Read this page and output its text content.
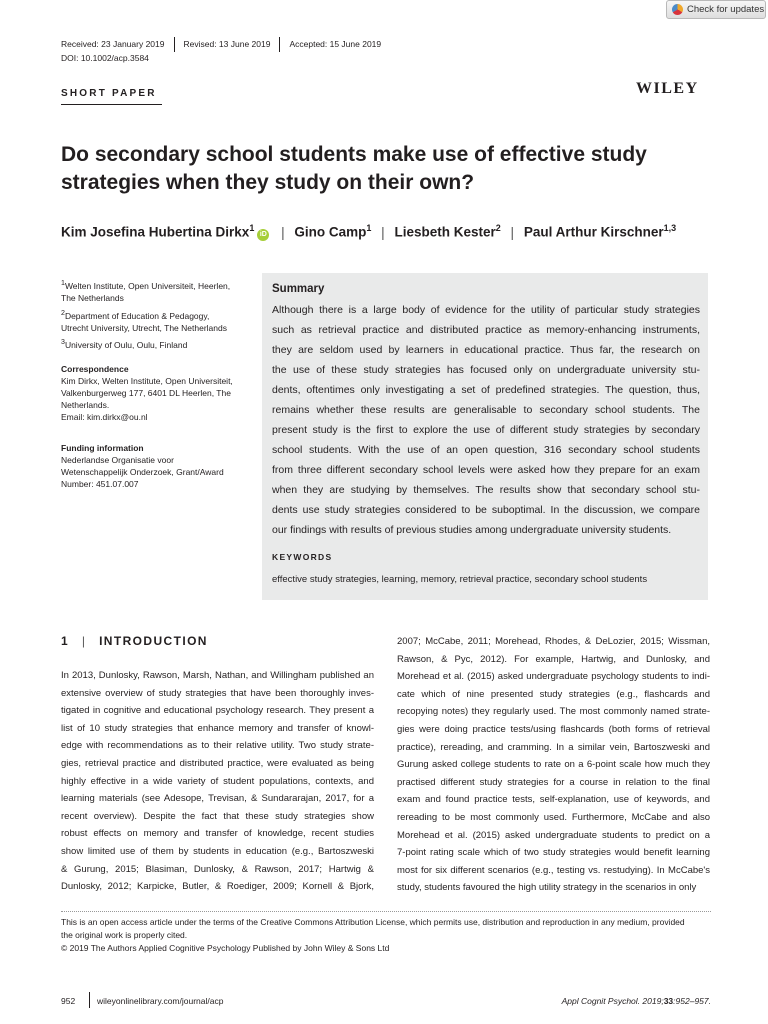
Check for updates
Received: 23 January 2019	Revised: 13 June 2019	Accepted: 15 June 2019
DOI: 10.1002/acp.3584
SHORT PAPER	WILEY
Do secondary school students make use of effective study
strategies when they study on their own?
Kim Josefina Hubertina Dirkx$^1$iD | Gino Camp$^1$ | Liesbeth Kester$^2$ | Paul Arthur Kirschner$^{1,3}$
$^1$Welten Institute, Open Universiteit, Heerlen,
The Netherlands
$^2$Department of Education & Pedagogy,
Utrecht University, Utrecht, The Netherlands
$^3$University of Oulu, Oulu, Finland
Correspondence
Kim Dirkx, Welten Institute, Open Universiteit,
Valkenburgerweg 177, 6401 DL Heerlen, The
Netherlands.
Email: kim.dirkx@ou.nl
Funding information
Nederlandse Organisatie voor
Wetenschappelijk Onderzoek, Grant/Award
Number: 451.07.007
Summary
Although there is a large body of evidence for the utility of particular study strategies
such as retrieval practice and distributed practice as memory-enhancing instruments,
they are seldom used by learners in educational practice. Thus far, the research on
the use of these study strategies has focused only on undergraduate university stu-
dents, oftentimes only investigating a set of predefined strategies. The question, thus,
remains whether these results are generalisable to secondary school students. The
present study is the first to explore the use of different study strategies by secondary
school students. With the use of an open question, 316 secondary school students
from three different secondary school levels were asked how they prepare for an exam
when they are studying by themselves. The results show that secondary school stu-
dents use study strategies considered to be suboptimal. In the discussion, we compare
our findings with results of previous studies among undergraduate university students.
KEYWORDS
effective study strategies, learning, memory, retrieval practice, secondary school students
1 | INTRODUCTION
In 2013, Dunlosky, Rawson, Marsh, Nathan, and Willingham published an
extensive overview of study strategies that have been thoroughly inves-
tigated in cognitive and educational psychology research. They present a
list of 10 study strategies that enhance memory and transfer of knowl-
edge with recommendations as to their relative utility. Two study strate-
gies, retrieval practice and distributed practice, were evaluated as being
highly effective in a wide variety of student populations, contexts, and
learning materials (see Adesope, Trevisan, & Sundararajan, 2017, for a
recent overview). Despite the fact that these study strategies show
robust effects on memory and transfer of knowledge, recent studies
show limited use of them by students in education (e.g., Bartoszweski
& Gurung, 2015; Blasiman, Dunlosky, & Rawson, 2017; Hartwig &
2007; McCabe, 2011; Morehead, Rhodes, & DeLozier, 2015; Wissman,
Rawson, & Pyc, 2012). For example, Hartwig, and Dunlosky, and
Morehead et al. (2015) asked undergraduate psychology students to indi-
cate which of nine presented study strategies (e.g., flashcards and
recopying notes) they regularly used. The most commonly named strate-
gies were doing practice tests/using flashcards (both forms of retrieval
practice), rereading, and cramming. In a similar vein, Bartoszweski and
Gurung asked college students to rate on a 6-point scale how much they
practised different study strategies for a course in relation to the final
exam and found practice tests, self-explanation, use of keywords, and
rereading to be most commonly used. Furthermore, McCabe and also
Morehead et al. (2015) asked undergraduate students to predict on a
7-point rating scale which of two study strategies would benefit learning
most for six different scenarios (e.g., testing vs. restudying). In McCabe's
This is an open access article under the terms of the Creative Commons Attribution License, which permits use, distribution and reproduction in any medium, provided
the original work is properly cited.
© 2019 The Authors Applied Cognitive Psychology Published by John Wiley & Sons Ltd
952	wileyonlinelibrary.com/journal/acp	Appl Cognit Psychol. 2019;33:952–957.
Dunlosky, 2012; Karpicke, Butler, & Roediger, 2009; Kornell & Bjork, study, students favoured the high utility strategy in the scenarios in only
